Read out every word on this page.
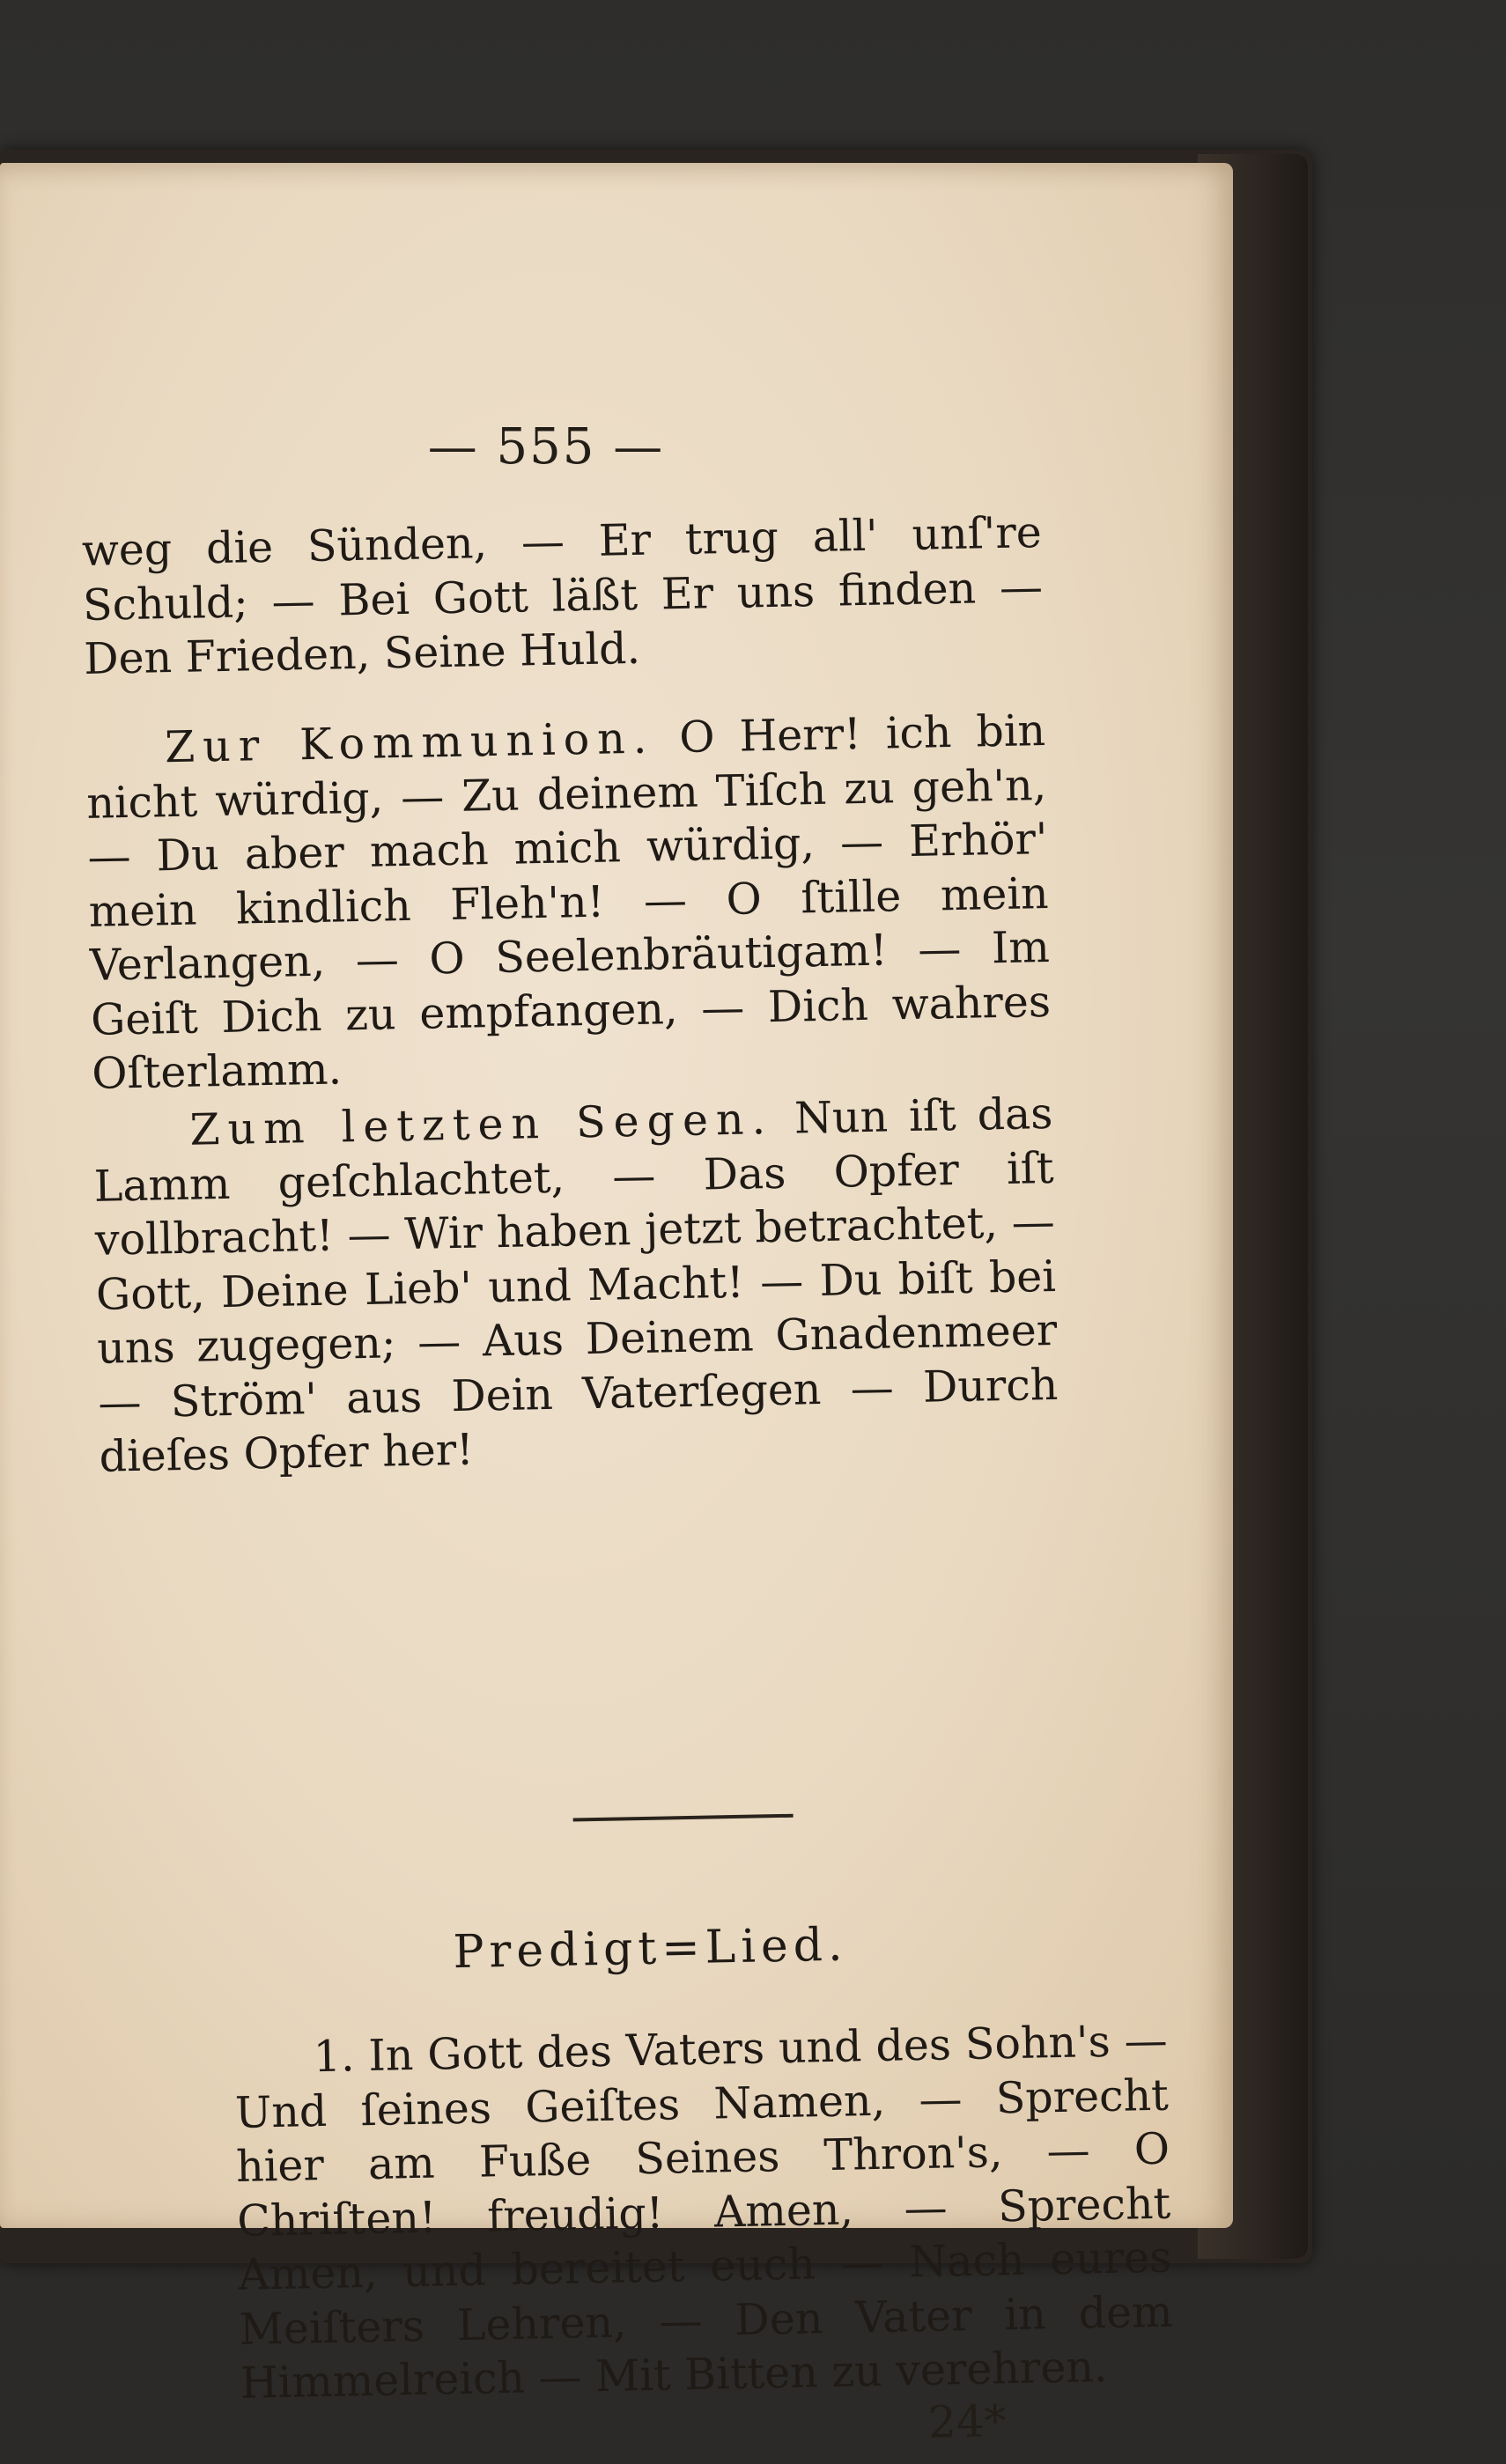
— 555 —

weg die Sünden, — Er trug all' unſ're Schuld; — Bei Gott läßt Er uns finden — Den Frieden, Seine Huld.

Zur Kommunion. O Herr! ich bin nicht würdig, — Zu deinem Tiſch zu geh'n, — Du aber mach mich würdig, — Erhör' mein kindlich Fleh'n! — O ſtille mein Verlangen, — O Seelenbräutigam! — Im Geiſt Dich zu empfangen, — Dich wahres Oſterlamm.

Zum letzten Segen. Nun iſt das Lamm geſchlachtet, — Das Opfer iſt vollbracht! — Wir haben jetzt betrachtet, — Gott, Deine Lieb' und Macht! — Du biſt bei uns zugegen; — Aus Deinem Gnadenmeer — Ström' aus Dein Vaterſegen — Durch dieſes Opfer her!

Predigt=Lied.

1. In Gott des Vaters und des Sohn's — Und ſeines Geiſtes Namen, — Sprecht hier am Fuße Seines Thron's, — O Chriſten! freudig! Amen, — Sprecht Amen, und bereitet euch — Nach eures Meiſters Lehren, — Den Vater in dem Himmelreich — Mit Bitten zu verehren.

24*
